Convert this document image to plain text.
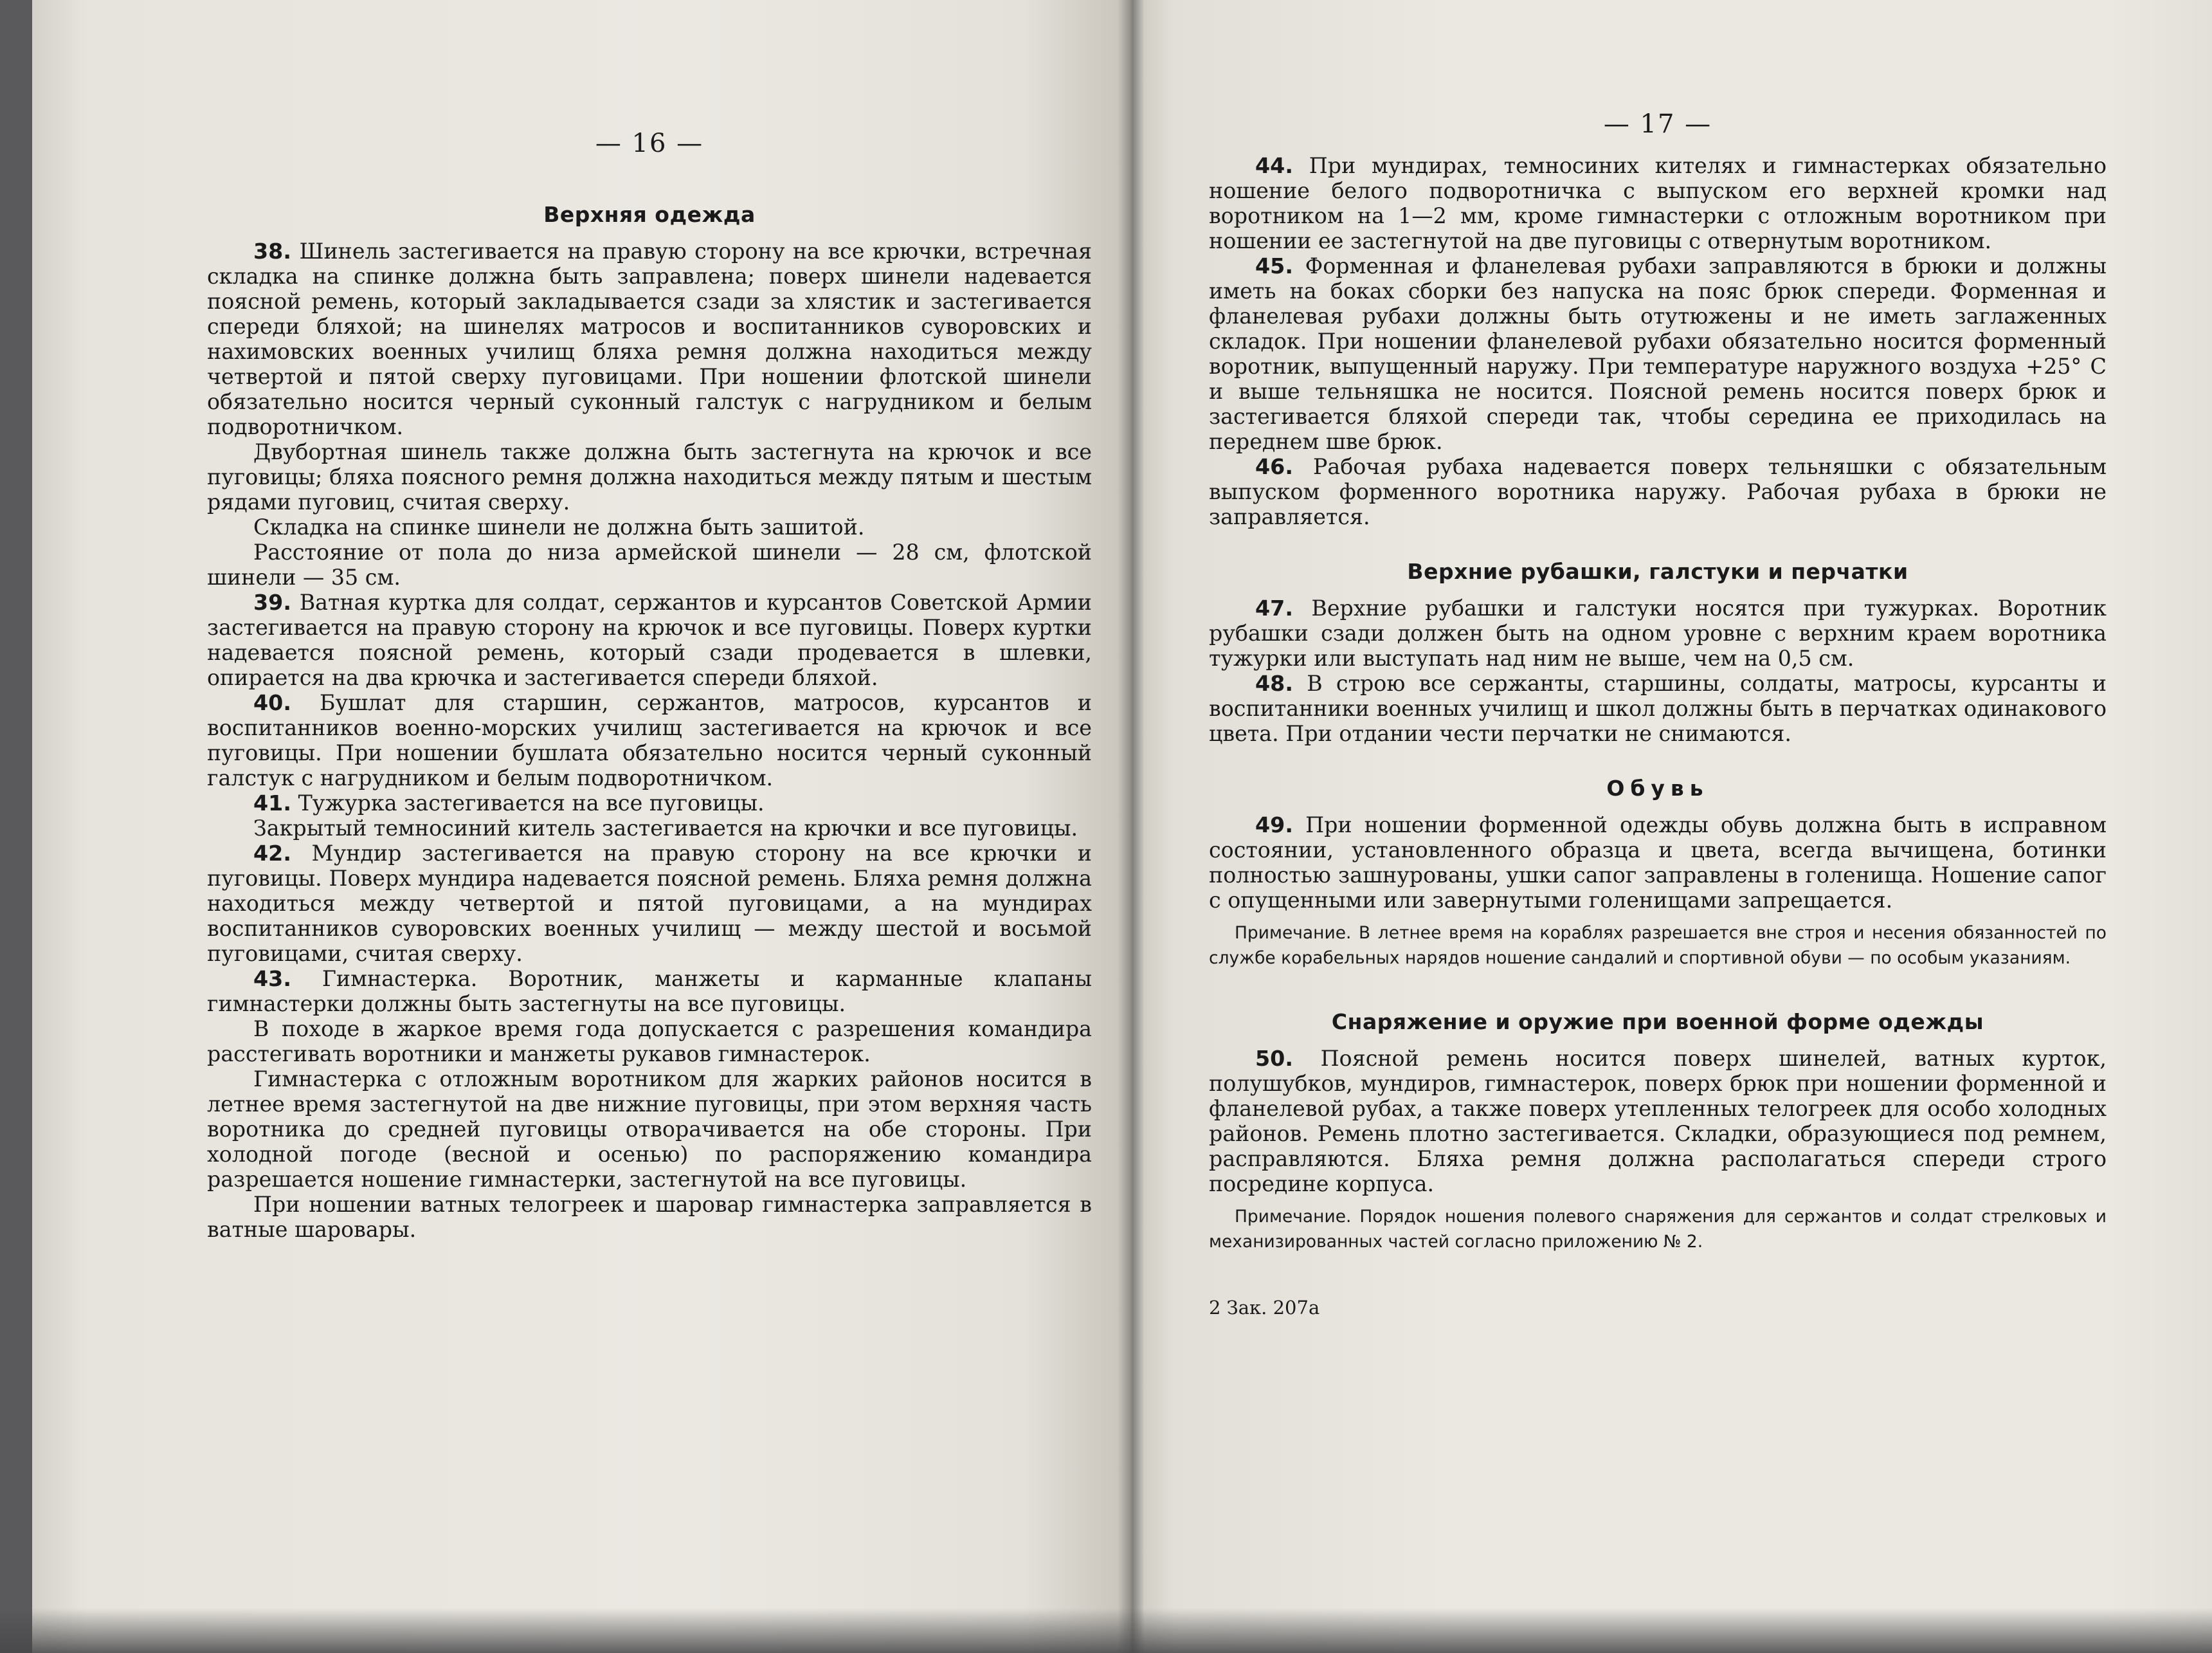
— 16 —
Верхняя одежда

38. Шинель застегивается на правую сторону на все крючки, встречная складка на спинке должна быть заправлена; поверх шинели надевается поясной ремень, который закладывается сзади за хлястик и застегивается спереди бляхой; на шинелях матросов и воспитанников суворовских и нахимовских военных училищ бляха ремня должна находиться между четвертой и пятой сверху пуговицами. При ношении флотской шинели обязательно носится черный суконный галстук с нагрудником и белым подворотничком.

Двубортная шинель также должна быть застегнута на крючок и все пуговицы; бляха поясного ремня должна находиться между пятым и шестым рядами пуговиц, считая сверху.

Складка на спинке шинели не должна быть зашитой.

Расстояние от пола до низа армейской шинели — 28 см, флотской шинели — 35 см.

39. Ватная куртка для солдат, сержантов и курсантов Советской Армии застегивается на правую сторону на крючок и все пуговицы. Поверх куртки надевается поясной ремень, который сзади продевается в шлевки, опирается на два крючка и застегивается спереди бляхой.

40. Бушлат для старшин, сержантов, матросов, курсантов и воспитанников военно-морских училищ застегивается на крючок и все пуговицы. При ношении бушлата обязательно носится черный суконный галстук с нагрудником и белым подворотничком.

41. Тужурка застегивается на все пуговицы.

Закрытый темносиний китель застегивается на крючки и все пуговицы.

42. Мундир застегивается на правую сторону на все крючки и пуговицы. Поверх мундира надевается поясной ремень. Бляха ремня должна находиться между четвертой и пятой пуговицами, а на мундирах воспитанников суворовских военных училищ — между шестой и восьмой пуговицами, считая сверху.

43. Гимнастерка. Воротник, манжеты и карманные клапаны гимнастерки должны быть застегнуты на все пуговицы.

В походе в жаркое время года допускается с разрешения командира расстегивать воротники и манжеты рукавов гимнастерок.

Гимнастерка с отложным воротником для жарких районов носится в летнее время застегнутой на две нижние пуговицы, при этом верхняя часть воротника до средней пуговицы отворачивается на обе стороны. При холодной погоде (весной и осенью) по распоряжению командира разрешается ношение гимнастерки, застегнутой на все пуговицы.

При ношении ватных телогреек и шаровар гимнастерка заправляется в ватные шаровары.

— 17 —

44. При мундирах, темносиних кителях и гимнастерках обязательно ношение белого подворотничка с выпуском его верхней кромки над воротником на 1—2 мм, кроме гимнастерки с отложным воротником при ношении ее застегнутой на две пуговицы с отвернутым воротником.

45. Форменная и фланелевая рубахи заправляются в брюки и должны иметь на боках сборки без напуска на пояс брюк спереди. Форменная и фланелевая рубахи должны быть отутюжены и не иметь заглаженных складок. При ношении фланелевой рубахи обязательно носится форменный воротник, выпущенный наружу. При температуре наружного воздуха +25° С и выше тельняшка не носится. Поясной ремень носится поверх брюк и застегивается бляхой спереди так, чтобы середина ее приходилась на переднем шве брюк.

46. Рабочая рубаха надевается поверх тельняшки с обязательным выпуском форменного воротника наружу. Рабочая рубаха в брюки не заправляется.

Верхние рубашки, галстуки и перчатки

47. Верхние рубашки и галстуки носятся при тужурках. Воротник рубашки сзади должен быть на одном уровне с верхним краем воротника тужурки или выступать над ним не выше, чем на 0,5 см.

48. В строю все сержанты, старшины, солдаты, матросы, курсанты и воспитанники военных училищ и школ должны быть в перчатках одинакового цвета. При отдании чести перчатки не снимаются.

Обувь

49. При ношении форменной одежды обувь должна быть в исправном состоянии, установленного образца и цвета, всегда вычищена, ботинки полностью зашнурованы, ушки сапог заправлены в голенища. Ношение сапог с опущенными или завернутыми голенищами запрещается.

Примечание. В летнее время на кораблях разрешается вне строя и несения обязанностей по службе корабельных нарядов ношение сандалий и спортивной обуви — по особым указаниям.
Снаряжение и оружие при военной форме одежды

50. Поясной ремень носится поверх шинелей, ватных курток, полушубков, мундиров, гимнастерок, поверх брюк при ношении форменной и фланелевой рубах, а также поверх утепленных телогреек для особо холодных районов. Ремень плотно застегивается. Складки, образующиеся под ремнем, расправляются. Бляха ремня должна располагаться спереди строго посредине корпуса.

Примечание. Порядок ношения полевого снаряжения для сержантов и солдат стрелковых и механизированных частей согласно приложению № 2.

2 Зак. 207а
